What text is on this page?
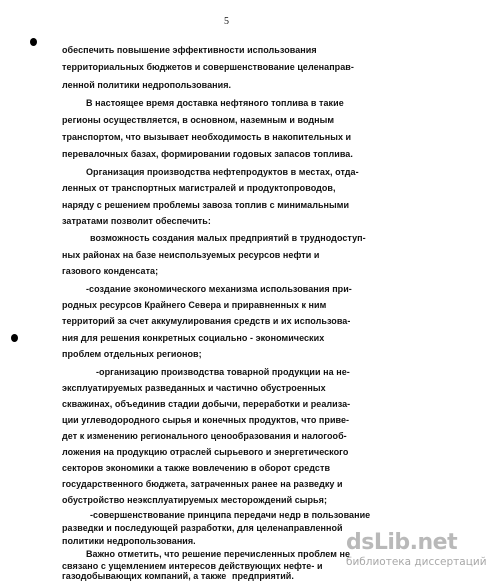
5
обеспечить повышение эффективности использования
территориальных бюджетов и совершенствование целенаправ-
ленной политики недропользования.
В настоящее время доставка нефтяного топлива в такие
регионы осуществляется, в основном, наземным и водным
транспортом, что вызывает необходимость в накопительных и
перевалочных базах, формировании годовых запасов топлива.
Организация производства нефтепродуктов в местах, отда-
ленных от транспортных магистралей и продуктопроводов,
наряду с решением проблемы завоза топлив с минимальными
затратами позволит обеспечить:
возможность создания малых предприятий в труднодоступ-
ных районах на базе неиспользуемых ресурсов нефти и
газового конденсата;
-создание экономического механизма использования при-
родных ресурсов Крайнего Севера и приравненных к ним
территорий за счет аккумулирования средств и их использова-
ния для решения конкретных социально - экономических
проблем отдельных регионов;
-организацию производства товарной продукции на не-
эксплуатируемых разведанных и частично обустроенных
скважинах, объединив стадии добычи, переработки и реализа-
ции углеводородного сырья и конечных продуктов, что приве-
дет к изменению регионального ценообразования и налогооб-
ложения на продукцию отраслей сырьевого и энергетического
секторов экономики а также вовлечению в оборот средств
государственного бюджета, затраченных ранее на разведку и
обустройство неэксплуатируемых месторождений сырья;
-совершенствование принципа передачи недр в пользование
разведки и последующей разработки, для целенаправленной
политики недропользования.
Важно отметить, что решение перечисленных проблем не
связано с ущемлением интересов действующих нефте- и
газодобывающих компаний, а также предприятий.
dsLib.net
библиотека диссертаций
